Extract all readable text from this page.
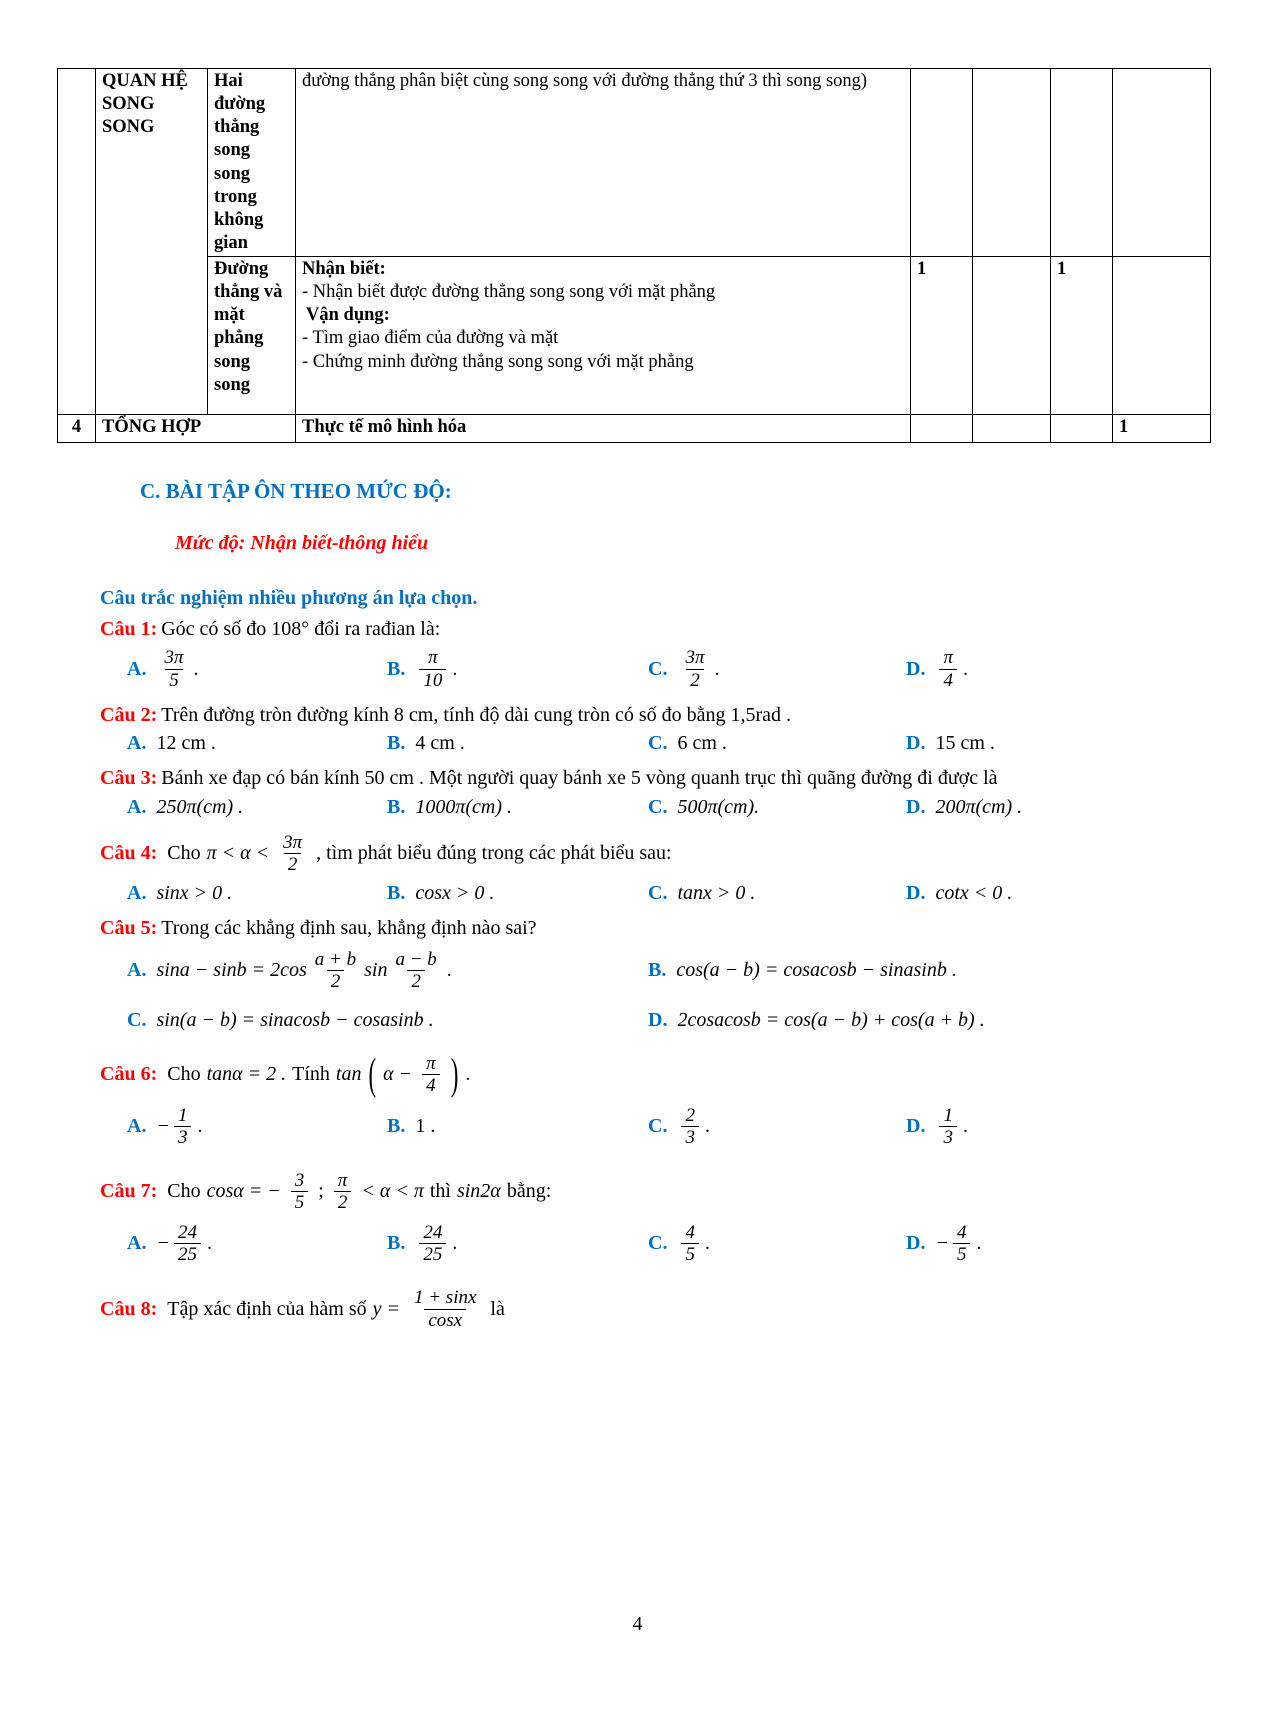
	QUAN HỆ SONG SONG	Hai đường thẳng song song trong không gian	đường thẳng phân biệt cùng song song với đường thẳng thứ 3 thì song song)				
		Đường thẳng và mặt phẳng song song	Nhận biết:
- Nhận biết được đường thẳng song song với mặt phẳng
Vận dụng:
- Tìm giao điểm của đường và mặt
- Chứng minh đường thẳng song song với mặt phẳng	1		1	
4	TỔNG HỢP		Thực tế mô hình hóa				1
C. BÀI TẬP ÔN THEO MỨC ĐỘ:
Mức độ: Nhận biết-thông hiểu
Câu trắc nghiệm nhiều phương án lựa chọn.
Câu 1: Góc có số đo 108° đổi ra rađian là:
A. $\frac{3\pi}{5}$ .	B. $\frac{\pi}{10}$ .	C. $\frac{3\pi}{2}$ .	D. $\frac{\pi}{4}$ .
Câu 2: Trên đường tròn đường kính 8 cm, tính độ dài cung tròn có số đo bằng 1,5rad .
A. 12 cm .	B. 4 cm .	C. 6 cm .	D. 15 cm .
Câu 3: Bánh xe đạp có bán kính 50 cm . Một người quay bánh xe 5 vòng quanh trục thì quãng đường đi được là
A. 250π(cm) .	B. 1000π(cm) .	C. 500π(cm).	D. 200π(cm) .
Câu 4: Cho $\pi < \alpha < \frac{3\pi}{2}$ , tìm phát biểu đúng trong các phát biểu sau:
A. sinx > 0 .	B. cosx > 0 .	C. tanx > 0 .	D. cotx < 0 .
Câu 5: Trong các khẳng định sau, khẳng định nào sai?
A. $\sin a - \sin b = 2\cos \frac{a + b}{2}$ $\sin \frac{a - b}{2}$ .	B. cos(a − b) = cosacosb − sinasinb .
C. sin(a − b) = sinacosb − cosasinb .	D. 2cosacosb = cos(a − b) + cos(a + b) .
Câu 6: Cho tanα = 2 . Tính tan ( $\alpha - \frac{\pi}{4}$ ) .
A. − $\frac{1}{3}$ .	B. 1 .	C. $\frac{2}{3}$ .	D. $\frac{1}{3}$ .
Câu 7: Cho cosα = − $\frac{3}{5}$ ; $\frac{\pi}{2} < \alpha < \pi$ thì sin2α bằng:
A. − $\frac{24}{25}$ .	B. $\frac{24}{25}$ .	C. $\frac{4}{5}$ .	D. − $\frac{4}{5}$ .
Câu 8: Tập xác định của hàm số $y = \frac{1 + \sin x}{\cos x}$ là
4
